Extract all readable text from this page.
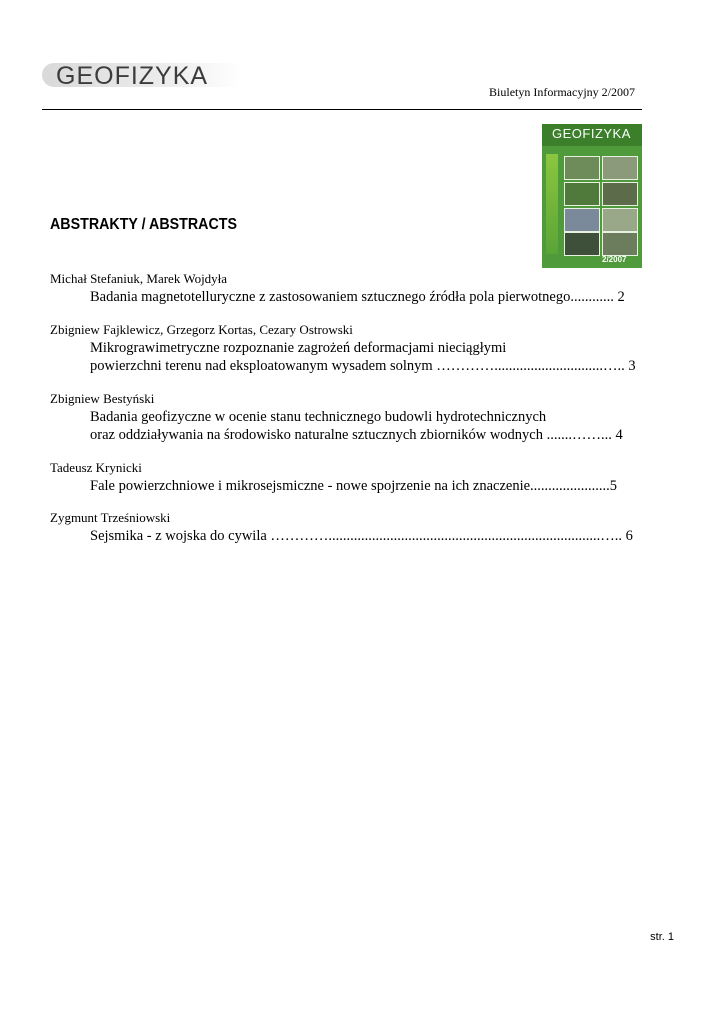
GEOFIZYKA
Biuletyn Informacyjny 2/2007
GEOFIZYKA
2/2007
ABSTRAKTY / ABSTRACTS
Michał Stefaniuk, Marek Wojdyła
Badania magnetotelluryczne z zastosowaniem sztucznego źródła pola pierwotnego............ 2
Zbigniew Fajklewicz, Grzegorz Kortas, Cezary Ostrowski
Mikrograwimetryczne rozpoznanie zagrożeń deformacjami nieciągłymi
powierzchni terenu nad eksploatowanym wysadem solnym …………..............................….. 3
Zbigniew Bestyński
Badania geofizyczne w ocenie stanu technicznego budowli hydrotechnicznych
oraz oddziaływania na środowisko naturalne sztucznych zbiorników wodnych .......……... 4
Tadeusz Krynicki
Fale powierzchniowe i mikrosejsmiczne - nowe spojrzenie na ich znaczenie......................5
Zygmunt Trześniowski
Sejsmika - z wojska do cywila …………...........................................................................….. 6
str. 1
